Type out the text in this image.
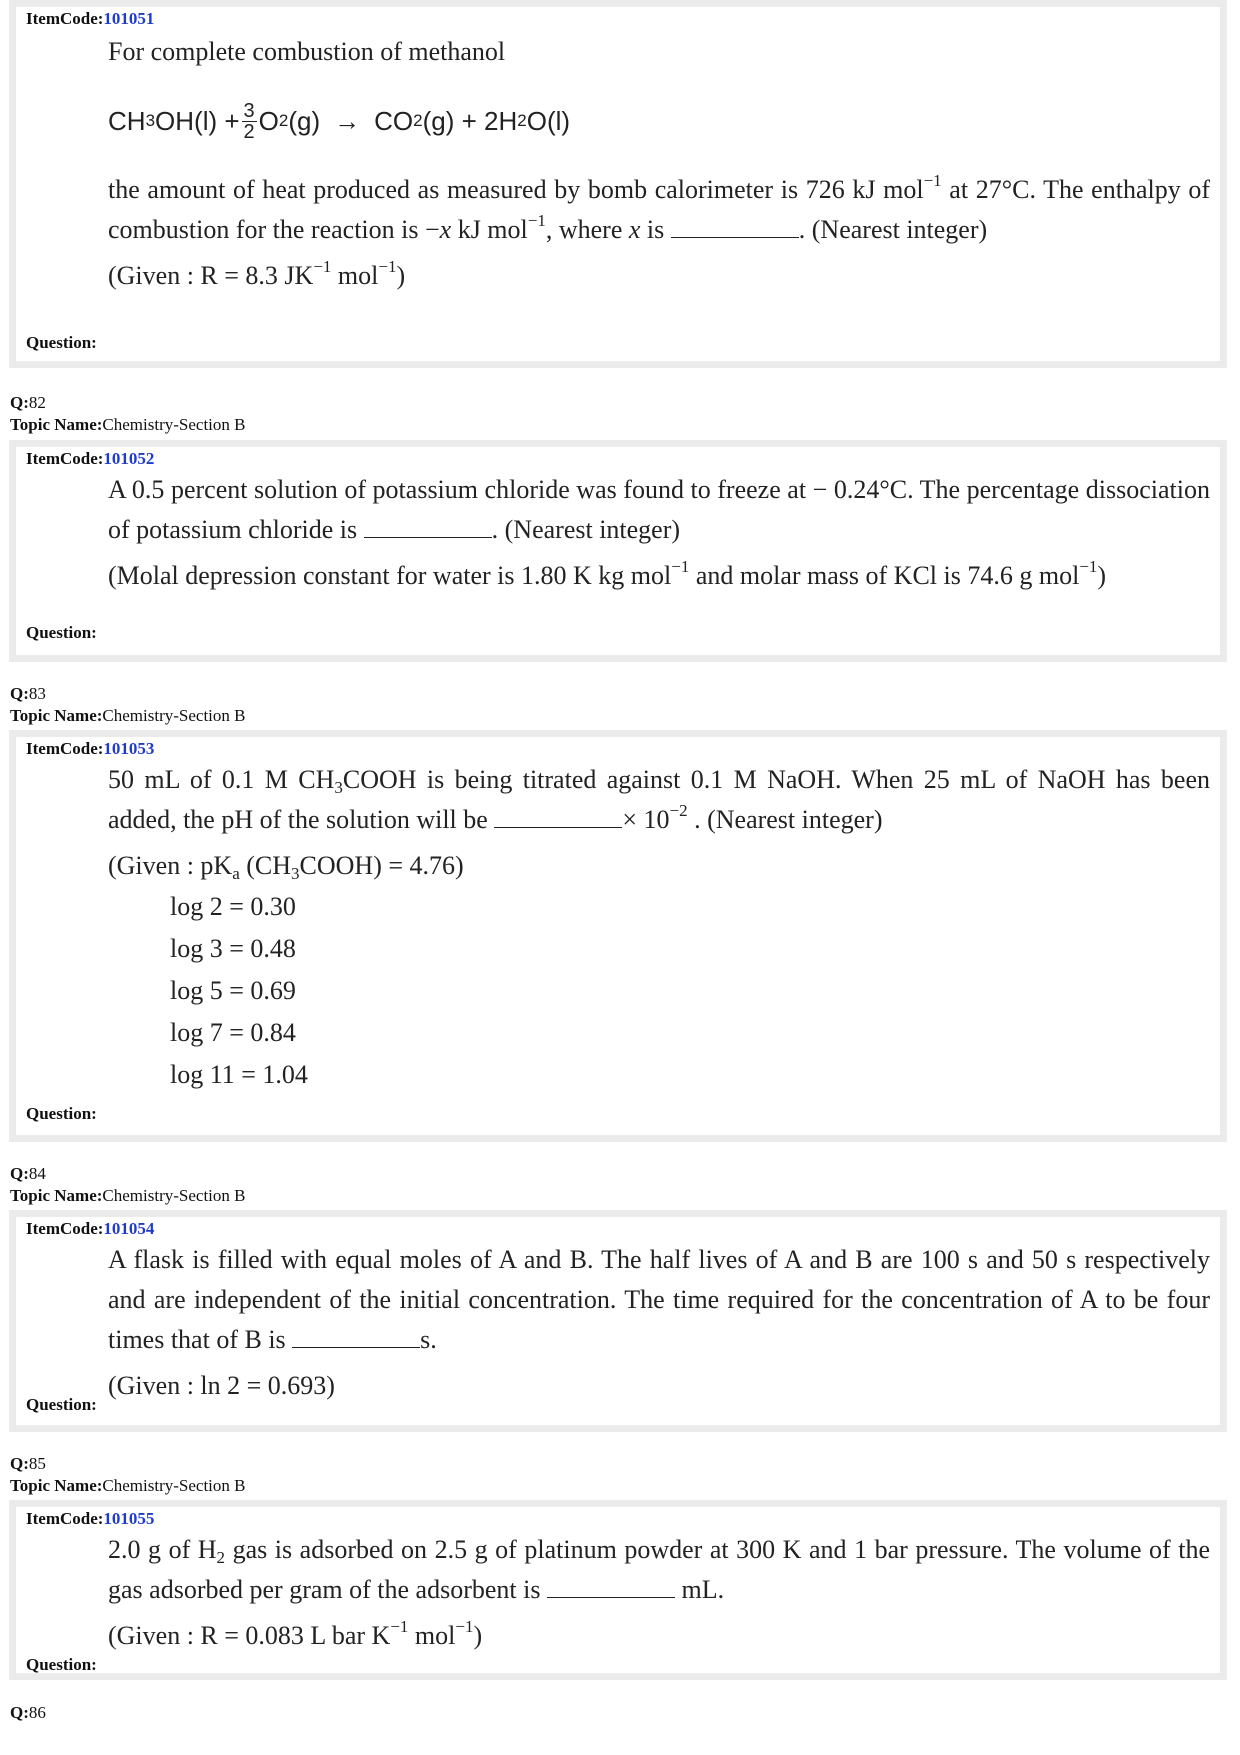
ItemCode:101051

For complete combustion of methanol

CH 3 $OH(l) + \frac{3}{2}$ O 2 (g) → CO 2 (g) + 2H 2 O(l)

the amount of heat produced as measured by bomb calorimeter is 726 kJ mol$^{-1}$ at 27°C. The enthalpy of combustion for the reaction is −x kJ mol$^{-1}$, where x is	. (Nearest integer)

(Given : R = 8.3 $JK^{-1}$ mol$^{-1}$)

Question:
Q:82
Topic Name:Chemistry-Section B
ItemCode:101052

A 0.5 percent solution of potassium chloride was found to freeze at − 0.24°C. The percentage dissociation of potassium chloride is	. (Nearest integer)

(Molal depression constant for water is 1.80 K kg mol$^{-1}$ and molar mass of KCl is 74.6 g mol$^{-1}$)

Question:
Q:83
Topic Name:Chemistry-Section B
ItemCode:101053

50 mL of 0.1 M $CH_3COOH$ is being titrated against 0.1 M NaOH. When 25 mL of NaOH has been added, the pH of the solution will be	× $10^{-2}$ . (Nearest integer)

(Given : $pK_a$ $(CH_3COOH) = 4.76$)

log 2 = 0.30
log 3 = 0.48
log 5 = 0.69
log 7 = 0.84
log 11 = 1.04
Question:
Q:84
Topic Name:Chemistry-Section B
ItemCode:101054

A flask is filled with equal moles of A and B. The half lives of A and B are 100 s and 50 s respectively and are independent of the initial concentration. The time required for the concentration of A to be four times that of B is	s.

(Given : ln 2 = 0.693)

Question:
Q:85
Topic Name:Chemistry-Section B
ItemCode:101055

2.0 g of $H_2$ gas is adsorbed on 2.5 g of platinum powder at 300 K and 1 bar pressure. The volume of the gas adsorbed per gram of the adsorbent is	mL.

(Given : R = 0.083 L bar $K^{-1}$ mol$^{-1}$)

Question:
Q:86
